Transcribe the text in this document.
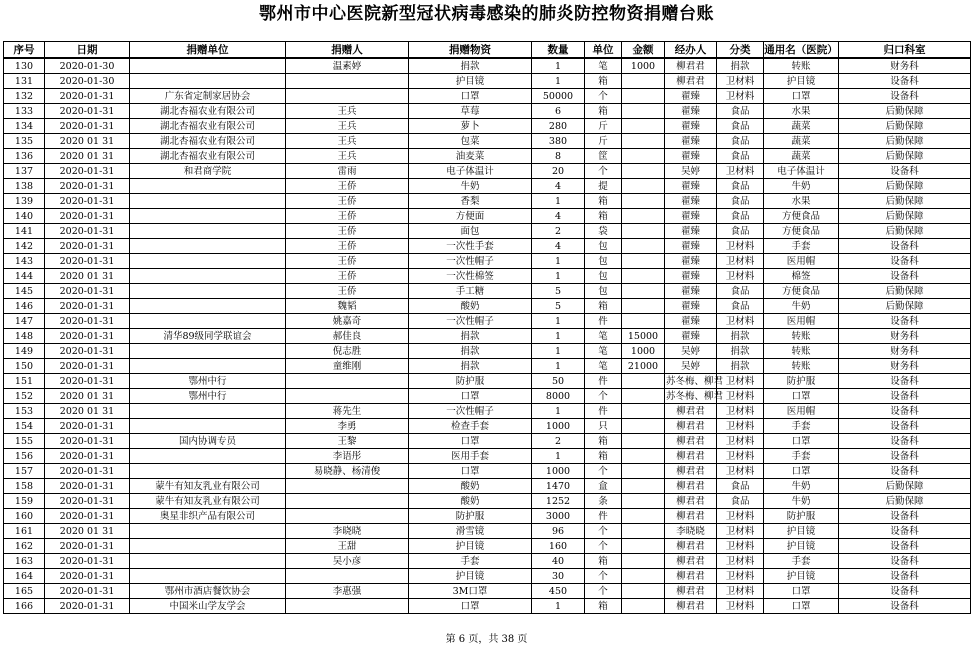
鄂州市中心医院新型冠状病毒感染的肺炎防控物资捐赠台账
序号	日期	捐赠单位	捐赠人	捐赠物资	数量	单位	金额	经办人	分类	通用名（医院）	归口科室
130	2020-01-30		温素婷	捐款	1	笔	1000	柳君君	捐款	转账	财务科
131	2020-01-30			护目镜	1	箱		柳君君	卫材料	护目镜	设备科
132	2020-01-31	广东省定制家居协会		口罩	50000	个		翟臻	卫材料	口罩	设备科
133	2020-01-31	湖北杏福农业有限公司	王兵	草莓	6	箱		翟臻	食品	水果	后勤保障
134	2020-01-31	湖北杏福农业有限公司	王兵	萝卜	280	斤		翟臻	食品	蔬菜	后勤保障
135	2020 01 31	湖北杏福农业有限公司	王兵	包菜	380	斤		翟臻	食品	蔬菜	后勤保障
136	2020 01 31	湖北杏福农业有限公司	王兵	油麦菜	8	筐		翟臻	食品	蔬菜	后勤保障
137	2020-01-31	和君商学院	雷雨	电子体温计	20	个		吴婷	卫材料	电子体温计	设备科
138	2020-01-31		王侨	牛奶	4	提		翟臻	食品	牛奶	后勤保障
139	2020-01-31		王侨	香梨	1	箱		翟臻	食品	水果	后勤保障
140	2020-01-31		王侨	方便面	4	箱		翟臻	食品	方便食品	后勤保障
141	2020-01-31		王侨	面包	2	袋		翟臻	食品	方便食品	后勤保障
142	2020-01-31		王侨	一次性手套	4	包		翟臻	卫材料	手套	设备科
143	2020-01-31		王侨	一次性帽子	1	包		翟臻	卫材料	医用帽	设备科
144	2020 01 31		王侨	一次性棉签	1	包		翟臻	卫材料	棉签	设备科
145	2020-01-31		王侨	手工糖	5	包		翟臻	食品	方便食品	后勤保障
146	2020-01-31		魏韬	酸奶	5	箱		翟臻	食品	牛奶	后勤保障
147	2020-01-31		姚嘉奇	一次性帽子	1	件		翟臻	卫材料	医用帽	设备科
148	2020-01-31	清华89级同学联谊会	郝佳良	捐款	1	笔	15000	翟臻	捐款	转账	财务科
149	2020-01-31		倪志胜	捐款	1	笔	1000	吴婷	捐款	转账	财务科
150	2020-01-31		童维刚	捐款	1	笔	21000	吴婷	捐款	转账	财务科
151	2020-01-31	鄂州中行		防护服	50	件		苏冬梅、柳君	卫材料	防护服	设备科
152	2020 01 31	鄂州中行		口罩	8000	个		苏冬梅、柳君	卫材料	口罩	设备科
153	2020 01 31		蒋先生	一次性帽子	1	件		柳君君	卫材料	医用帽	设备科
154	2020-01-31		李勇	检查手套	1000	只		柳君君	卫材料	手套	设备科
155	2020-01-31	国内协调专员	王黎	口罩	2	箱		柳君君	卫材料	口罩	设备科
156	2020-01-31		李语彤	医用手套	1	箱		柳君君	卫材料	手套	设备科
157	2020-01-31		易晓静、杨清俊	口罩	1000	个		柳君君	卫材料	口罩	设备科
158	2020-01-31	蒙牛有知友乳业有限公司		酸奶	1470	盒		柳君君	食品	牛奶	后勤保障
159	2020-01-31	蒙牛有知友乳业有限公司		酸奶	1252	条		柳君君	食品	牛奶	后勤保障
160	2020-01-31	奥星非织产品有限公司		防护服	3000	件		柳君君	卫材料	防护服	设备科
161	2020 01 31		李晓晓	滑雪镜	96	个		李晓晓	卫材料	护目镜	设备科
162	2020-01-31		王甜	护目镜	160	个		柳君君	卫材料	护目镜	设备科
163	2020-01-31		吴小彦	手套	40	箱		柳君君	卫材料	手套	设备科
164	2020-01-31			护目镜	30	个		柳君君	卫材料	护目镜	设备科
165	2020-01-31	鄂州市酒店餐饮协会	李惠强	3M口罩	450	个		柳君君	卫材料	口罩	设备科
166	2020-01-31	中国米山学友学会		口罩	1	箱		柳君君	卫材料	口罩	设备科
第 6 页，共 38 页
